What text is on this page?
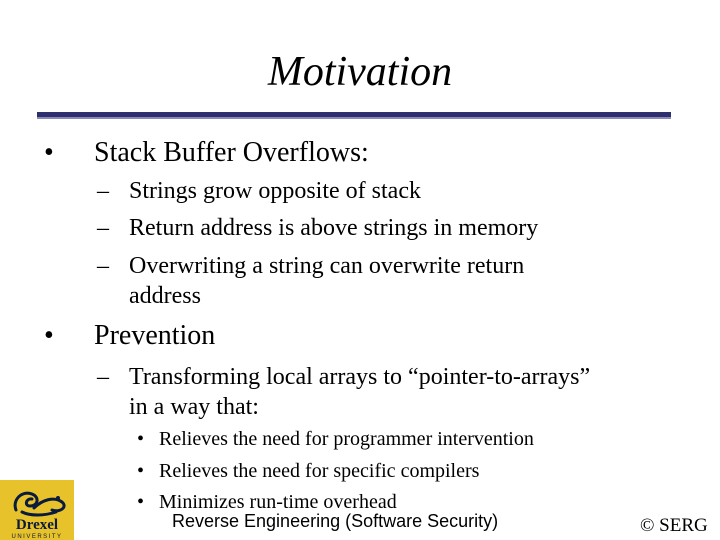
Motivation
• Stack Buffer Overflows:
– Strings grow opposite of stack
– Return address is above strings in memory
– Overwriting a string can overwrite return
address
• Prevention
– Transforming local arrays to “pointer-to-arrays”
in a way that:
• Relieves the need for programmer intervention
• Relieves the need for specific compilers
• Minimizes run-time overhead
Reverse Engineering (Software Security)	© SERG
Drexel
UNIVERSITY
